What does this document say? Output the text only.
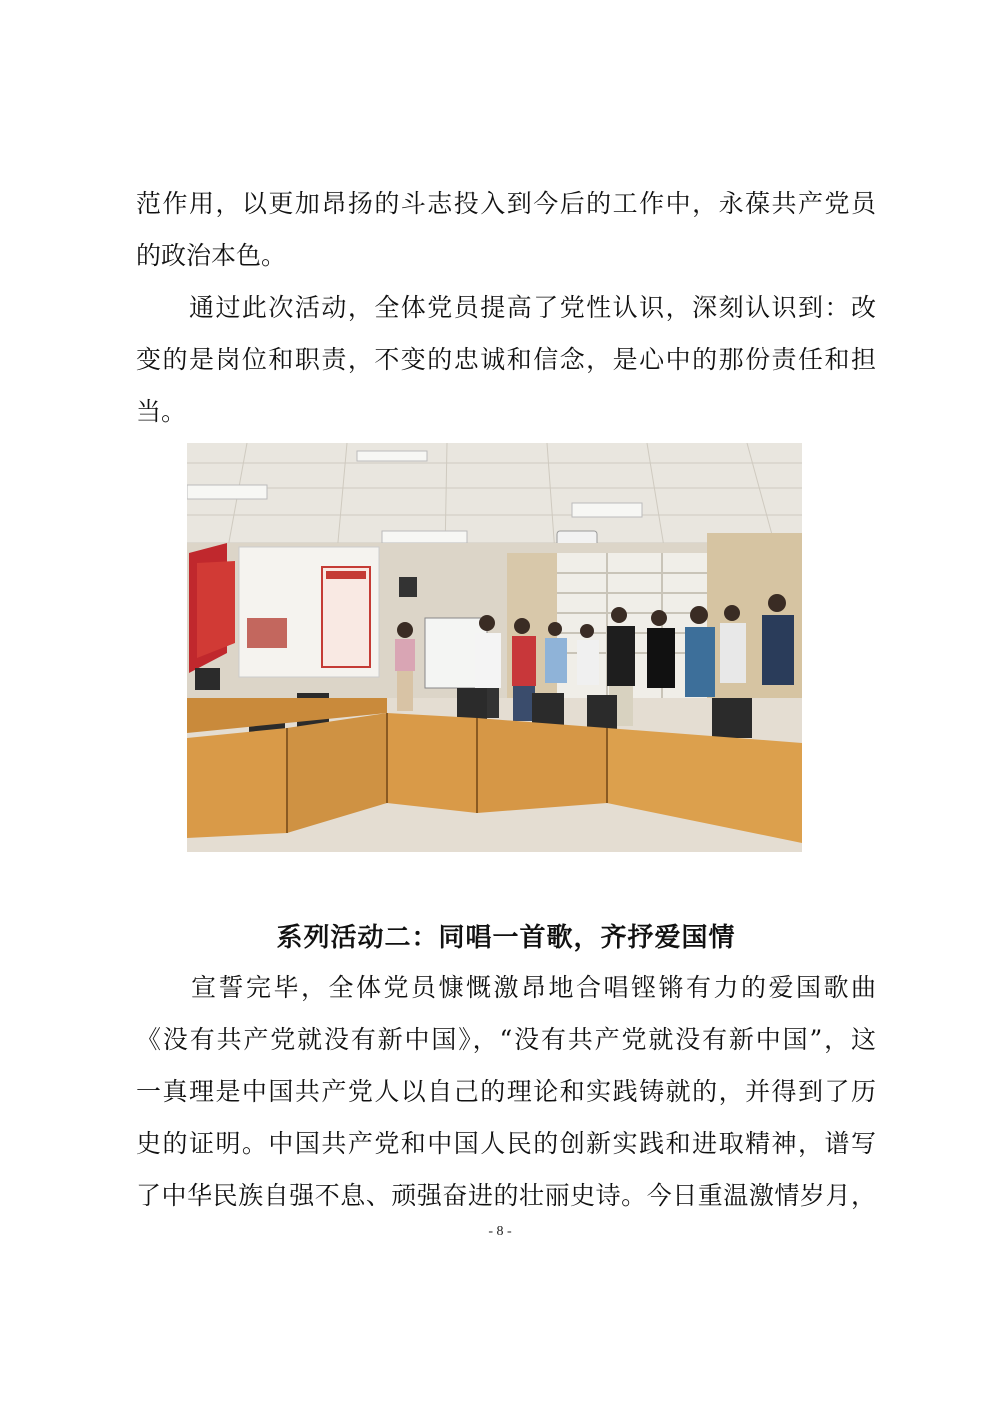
范作用，以更加昂扬的斗志投入到今后的工作中，永葆共产党员
的政治本色。
　　通过此次活动，全体党员提高了党性认识，深刻认识到：改
变的是岗位和职责，不变的忠诚和信念，是心中的那份责任和担
当。
系列活动二：同唱一首歌，齐抒爱国情
　　宣誓完毕，全体党员慷慨激昂地合唱铿锵有力的爱国歌曲
《没有共产党就没有新中国》，“没有共产党就没有新中国”，这
一真理是中国共产党人以自己的理论和实践铸就的，并得到了历
史的证明。中国共产党和中国人民的创新实践和进取精神，谱写
了中华民族自强不息、顽强奋进的壮丽史诗。今日重温激情岁月，
- 8 -
